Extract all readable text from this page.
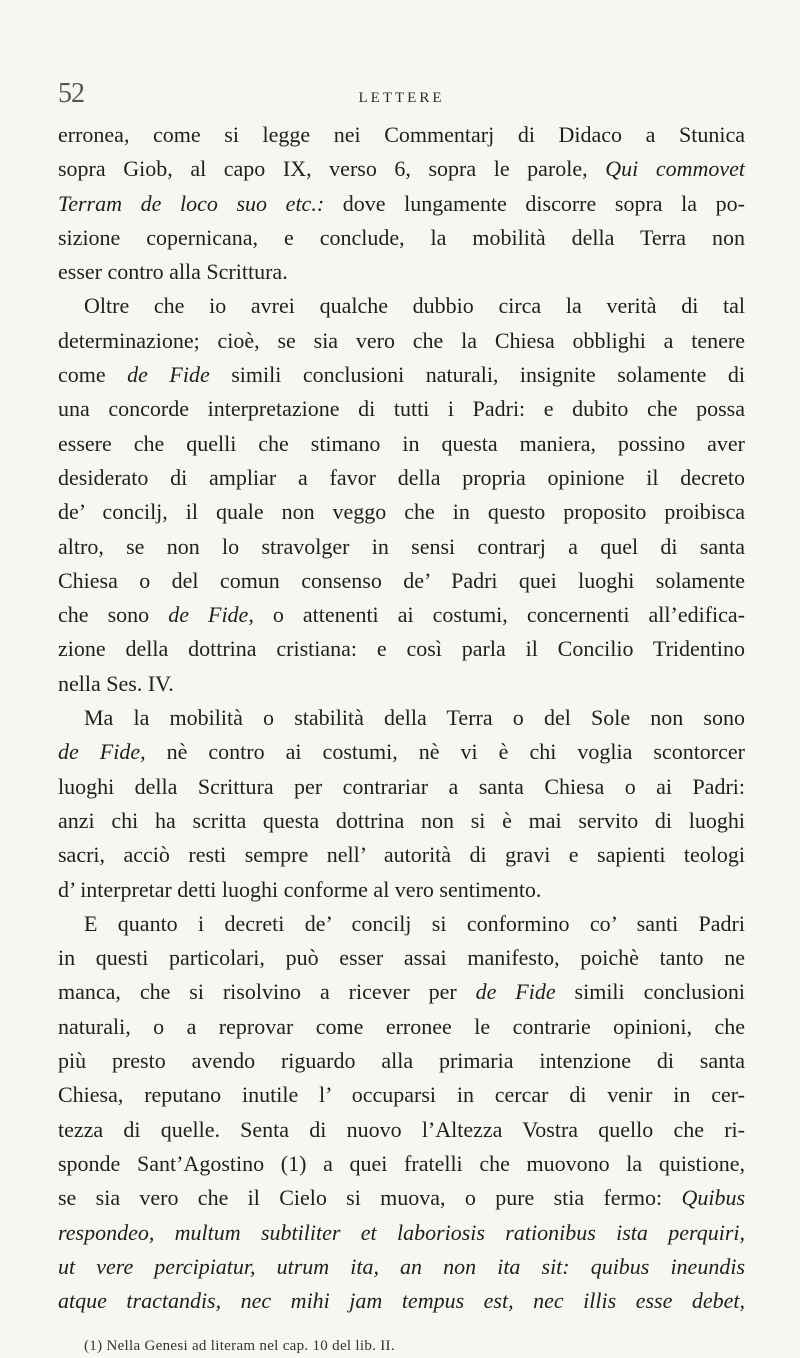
52	LETTERE
erronea, come si legge nei Commentarj di Didaco a Stunica
sopra Giob, al capo IX, verso 6, sopra le parole, Qui commovet
Terram de loco suo etc.: dove lungamente discorre sopra la po-
sizione copernicana, e conclude, la mobilità della Terra non
esser contro alla Scrittura.
Oltre che io avrei qualche dubbio circa la verità di tal
determinazione; cioè, se sia vero che la Chiesa obblighi a tenere
come de Fide simili conclusioni naturali, insignite solamente di
una concorde interpretazione di tutti i Padri: e dubito che possa
essere che quelli che stimano in questa maniera, possino aver
desiderato di ampliar a favor della propria opinione il decreto
de’ concilj, il quale non veggo che in questo proposito proibisca
altro, se non lo stravolger in sensi contrarj a quel di santa
Chiesa o del comun consenso de’ Padri quei luoghi solamente
che sono de Fide, o attenenti ai costumi, concernenti all’edifica-
zione della dottrina cristiana: e così parla il Concilio Tridentino
nella Ses. IV.
Ma la mobilità o stabilità della Terra o del Sole non sono
de Fide, nè contro ai costumi, nè vi è chi voglia scontorcer
luoghi della Scrittura per contrariar a santa Chiesa o ai Padri:
anzi chi ha scritta questa dottrina non si è mai servito di luoghi
sacri, acciò resti sempre nell’ autorità di gravi e sapienti teologi
d’ interpretar detti luoghi conforme al vero sentimento.
E quanto i decreti de’ concilj si conformino co’ santi Padri
in questi particolari, può esser assai manifesto, poichè tanto ne
manca, che si risolvino a ricever per de Fide simili conclusioni
naturali, o a reprovar come erronee le contrarie opinioni, che
più presto avendo riguardo alla primaria intenzione di santa
Chiesa, reputano inutile l’ occuparsi in cercar di venir in cer-
tezza di quelle. Senta di nuovo l’Altezza Vostra quello che ri-
sponde Sant’Agostino (1) a quei fratelli che muovono la quistione,
se sia vero che il Cielo si muova, o pure stia fermo: Quibus
respondeo, multum subtiliter et laboriosis rationibus ista perquiri,
ut vere percipiatur, utrum ita, an non ita sit: quibus ineundis
atque tractandis, nec mihi jam tempus est, nec illis esse debet,
(1) Nella Genesi ad literam nel cap. 10 del lib. II.
